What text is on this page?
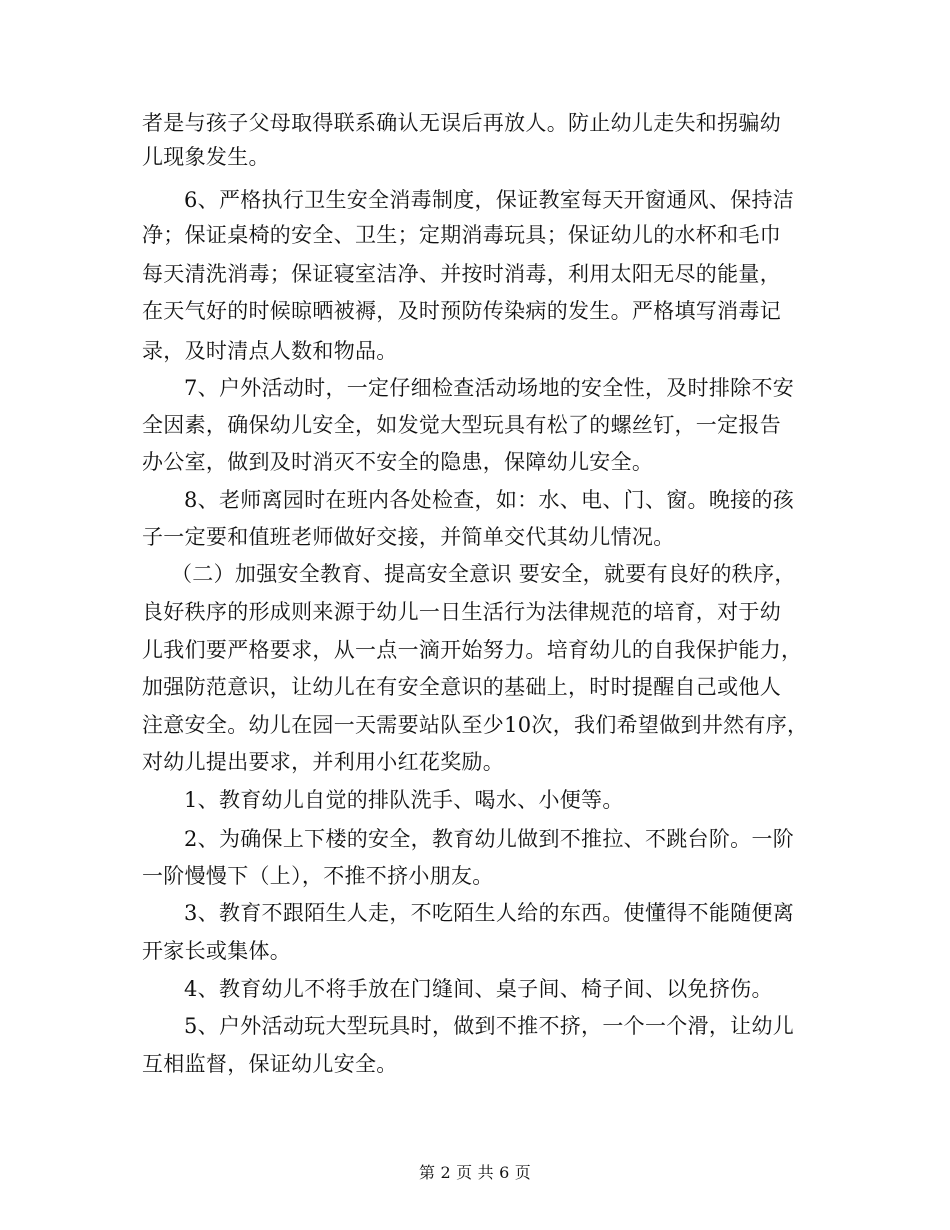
者是与孩子父母取得联系确认无误后再放人。防止幼儿走失和拐骗幼
儿现象发生。
6、严格执行卫生安全消毒制度，保证教室每天开窗通风、保持洁
净；保证桌椅的安全、卫生；定期消毒玩具；保证幼儿的水杯和毛巾
每天清洗消毒；保证寝室洁净、并按时消毒，利用太阳无尽的能量，
在天气好的时候晾晒被褥，及时预防传染病的发生。严格填写消毒记
录，及时清点人数和物品。
7、户外活动时，一定仔细检查活动场地的安全性，及时排除不安
全因素，确保幼儿安全，如发觉大型玩具有松了的螺丝钉，一定报告
办公室，做到及时消灭不安全的隐患，保障幼儿安全。
8、老师离园时在班内各处检查，如：水、电、门、窗。晚接的孩
子一定要和值班老师做好交接，并简单交代其幼儿情况。
（二）加强安全教育、提高安全意识 要安全，就要有良好的秩序，
良好秩序的形成则来源于幼儿一日生活行为法律规范的培育，对于幼
儿我们要严格要求，从一点一滴开始努力。培育幼儿的自我保护能力，
加强防范意识，让幼儿在有安全意识的基础上，时时提醒自己或他人
注意安全。幼儿在园一天需要站队至少10次，我们希望做到井然有序，
对幼儿提出要求，并利用小红花奖励。
1、教育幼儿自觉的排队洗手、喝水、小便等。
2、为确保上下楼的安全，教育幼儿做到不推拉、不跳台阶。一阶
一阶慢慢下（上），不推不挤小朋友。
3、教育不跟陌生人走，不吃陌生人给的东西。使懂得不能随便离
开家长或集体。
4、教育幼儿不将手放在门缝间、桌子间、椅子间、以免挤伤。
5、户外活动玩大型玩具时，做到不推不挤，一个一个滑，让幼儿
互相监督，保证幼儿安全。
第 2 页 共 6 页
